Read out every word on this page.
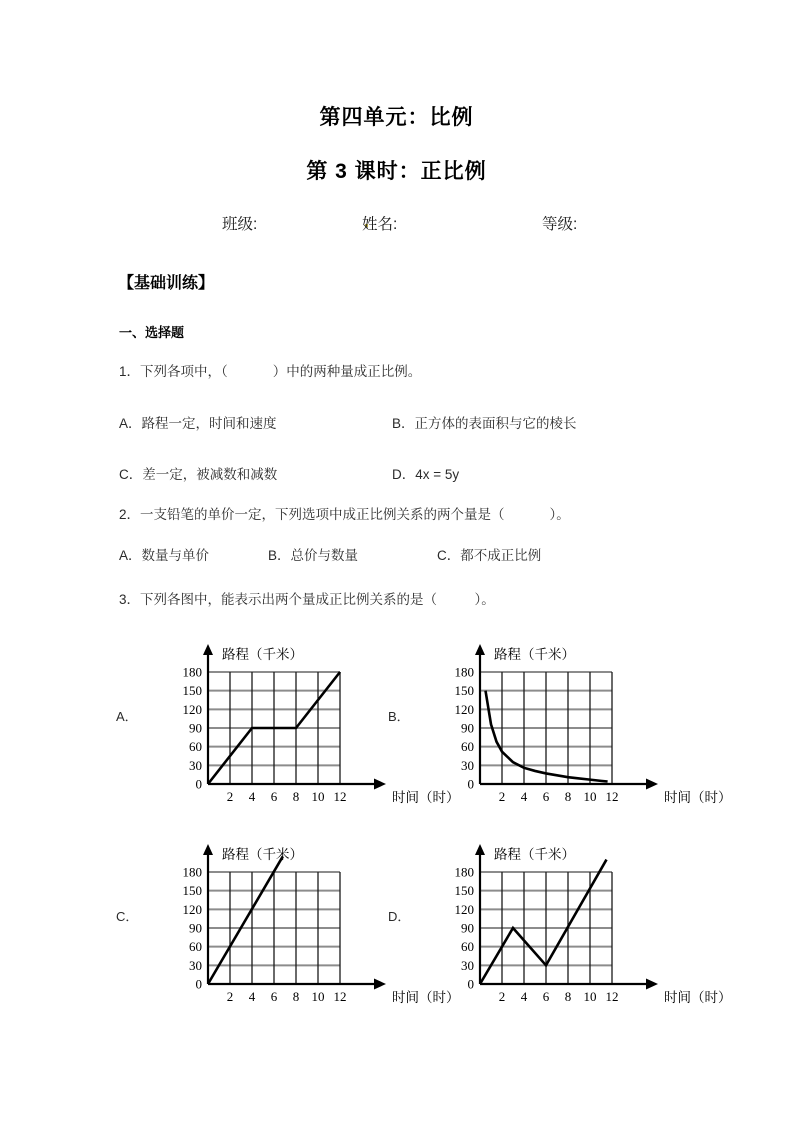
第四单元：比例
第 3 课时：正比例
班级:	姓名:	等级:
【基础训练】
一、选择题
1．下列各项中，（            ）中的两种量成正比例。
A．路程一定，时间和速度	B．正方体的表面积与它的棱长
C．差一定，被减数和减数	D．4x = 5y
2．一支铅笔的单价一定，下列选项中成正比例关系的两个量是（            ）。
A．数量与单价	B．总价与数量	C．都不成正比例
3．下列各图中，能表示出两个量成正比例关系的是（          ）。
A．	B．
C．	D．
0
30
60
90
120
150
180
2 4 6 8 10 12
路程（千米）
时间（时）
0
30
60
90
120
150
180
2 4 6 8 10 12
路程（千米）
时间（时）
0
30
60
90
120
150
180
2 4 6 8 10 12
路程（千米）
时间（时）
0
30
60
90
120
150
180
2 4 6 8 10 12
路程（千米）
时间（时）
